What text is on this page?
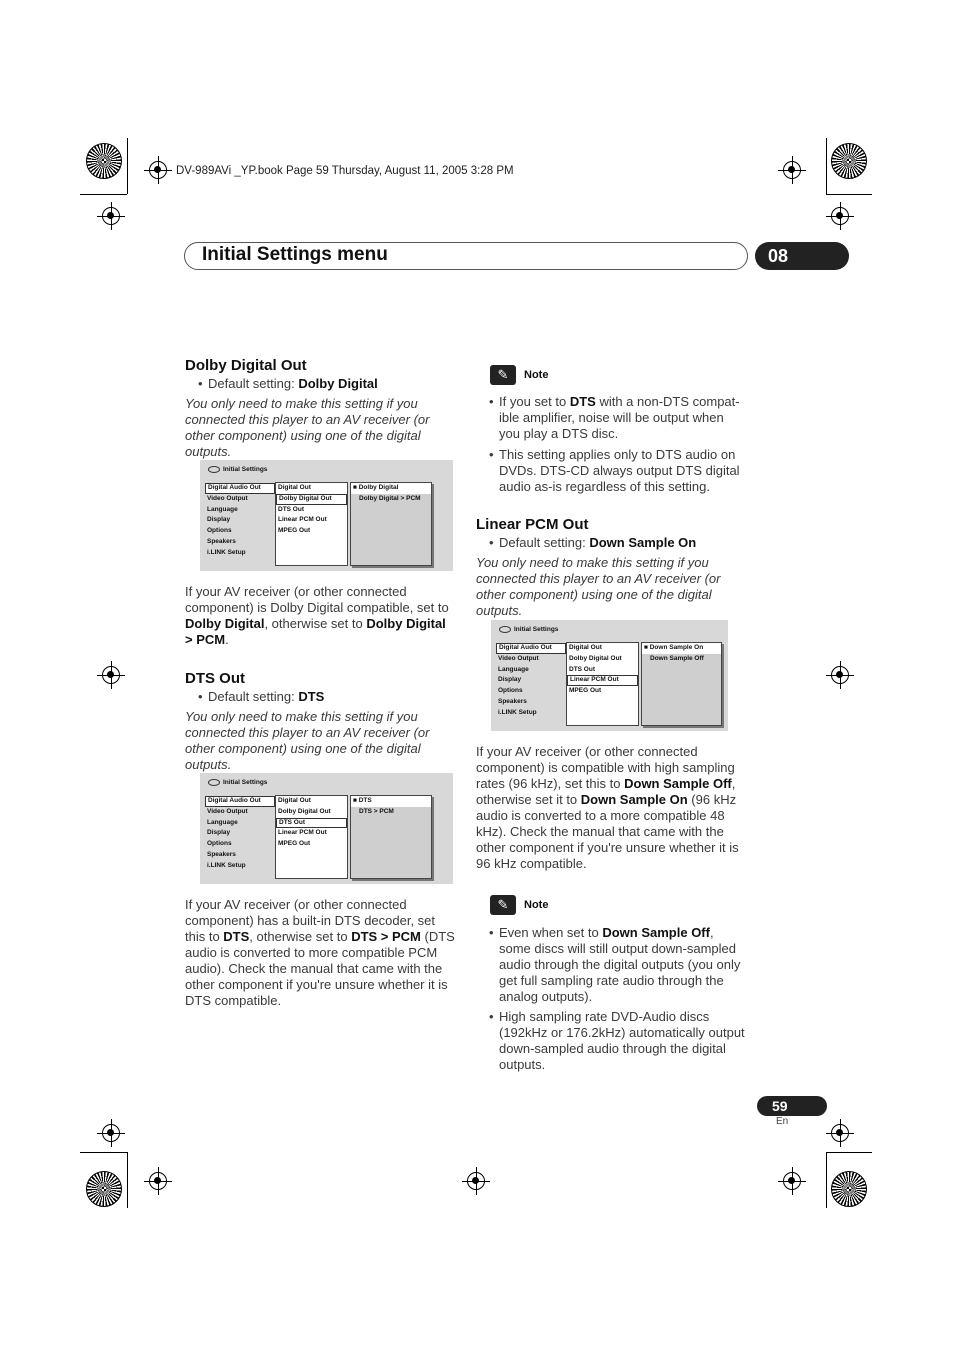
DV-989AVi _YP.book Page 59 Thursday, August 11, 2005 3:28 PM
Initial Settings menu	08

Dolby Digital Out

• Default setting: Dolby Digital

You only need to make this setting if you connected this player to an AV receiver (or other component) using one of the digital outputs.

Initial Settings
Digital Audio Out
Video Output
Language
Display
Options
Speakers
i.LINK Setup
Digital Out
Dolby Digital Out
DTS Out
Linear PCM Out
MPEG Out
■ Dolby Digital
Dolby Digital > PCM

If your AV receiver (or other connected component) is Dolby Digital compatible, set to Dolby Digital, otherwise set to Dolby Digital > PCM.

DTS Out

• Default setting: DTS

You only need to make this setting if you connected this player to an AV receiver (or other component) using one of the digital outputs.

Initial Settings
Digital Audio Out
Video Output
Language
Display
Options
Speakers
i.LINK Setup
Digital Out
Dolby Digital Out
DTS Out
Linear PCM Out
MPEG Out
■ DTS
DTS > PCM

If your AV receiver (or other connected component) has a built-in DTS decoder, set this to DTS, otherwise set to DTS > PCM (DTS audio is converted to more compatible PCM audio). Check the manual that came with the other component if you're unsure whether it is DTS compatible.

✎	Note

• If you set to DTS with a non-DTS compat-ible amplifier, noise will be output when you play a DTS disc.

• This setting applies only to DTS audio on DVDs. DTS-CD always output DTS digital audio as-is regardless of this setting.

Linear PCM Out

• Default setting: Down Sample On

You only need to make this setting if you connected this player to an AV receiver (or other component) using one of the digital outputs.

Initial Settings
Digital Audio Out
Video Output
Language
Display
Options
Speakers
i.LINK Setup
Digital Out
Dolby Digital Out
DTS Out
Linear PCM Out
MPEG Out
■ Down Sample On
Down Sample Off

If your AV receiver (or other connected component) is compatible with high sampling rates (96 kHz), set this to Down Sample Off, otherwise set it to Down Sample On (96 kHz audio is converted to a more compatible 48 kHz). Check the manual that came with the other component if you're unsure whether it is 96 kHz compatible.

✎	Note

• Even when set to Down Sample Off, some discs will still output down-sampled audio through the digital outputs (you only get full sampling rate audio through the analog outputs).

• High sampling rate DVD-Audio discs (192kHz or 176.2kHz) automatically output down-sampled audio through the digital outputs.

59
En
